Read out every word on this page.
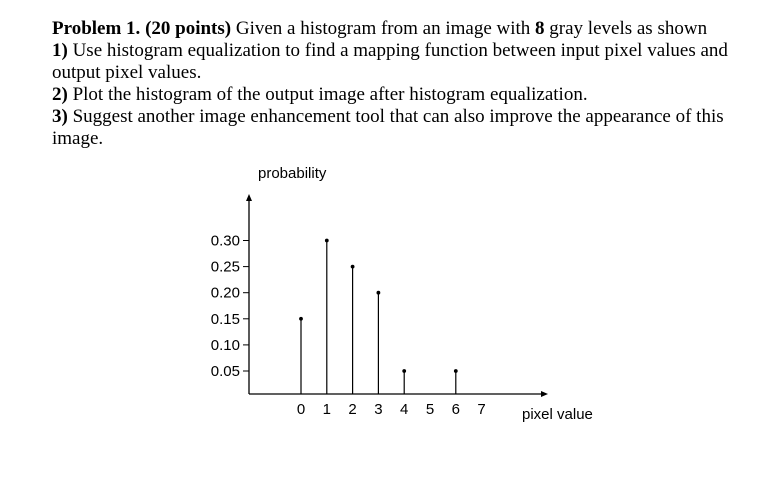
Problem 1. (20 points) Given a histogram from an image with 8 gray levels as shown

1) Use histogram equalization to find a mapping function between input pixel values and output pixel values.

2) Plot the histogram of the output image after histogram equalization.

3) Suggest another image enhancement tool that can also improve the appearance of this image.

probability
pixel value
0.05
0.10
0.15
0.20
0.25
0.30
0 1 2 3 4 5 6 7
